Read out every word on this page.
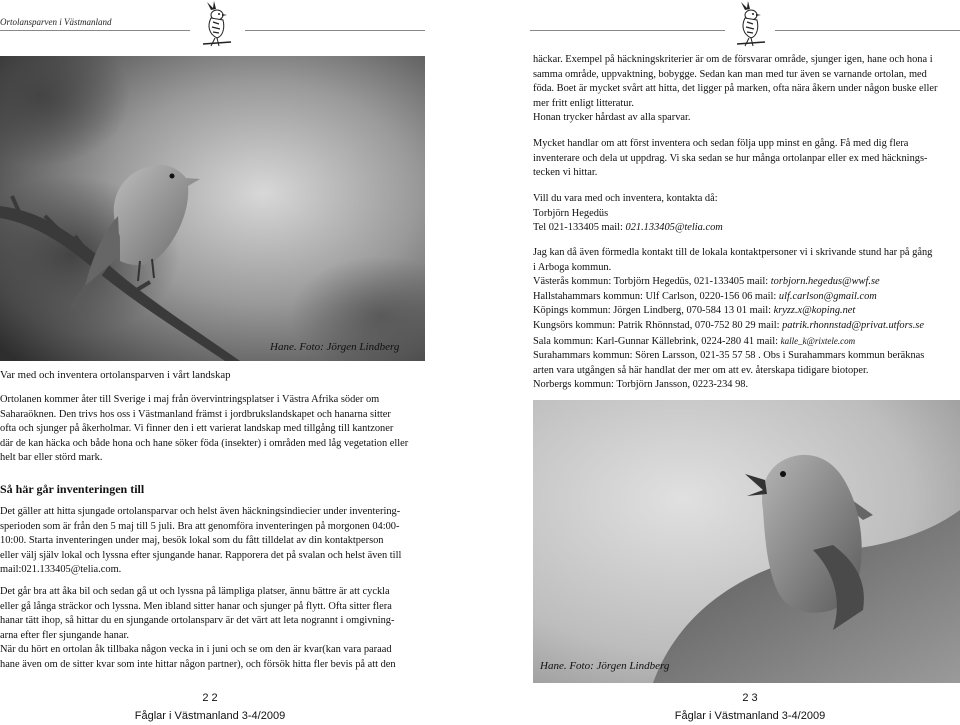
Ortolansparven i Västmanland
Hane. Foto: Jörgen Lindberg
Var med och inventera ortolansparven i vårt landskap
Ortolanen kommer åter till Sverige i maj från övervintringsplatser i Västra Afrika söder om
Saharaöknen. Den trivs hos oss i Västmanland främst i jordbrukslandskapet och hanarna sitter
ofta och sjunger på åkerholmar. Vi finner den i ett varierat landskap med tillgång till kantzoner
där de kan häcka och både hona och hane söker föda (insekter) i områden med låg vegetation eller
helt bar eller störd mark.
Så här går inventeringen till
Det gäller att hitta sjungade ortolansparvar och helst även häckningsindiecier under inventering-
sperioden som är från den 5 maj till 5 juli. Bra att genomföra inventeringen på morgonen 04:00-
10:00. Starta inventeringen under maj, besök lokal som du fått tilldelat av din kontaktperson
eller välj själv lokal och lyssna efter sjungande hanar. Rapporera det på svalan och helst även till
mail:021.133405@telia.com.
Det går bra att åka bil och sedan gå ut och lyssna på lämpliga platser, ännu bättre är att cyckla
eller gå långa sträckor och lyssna. Men ibland sitter hanar och sjunger på flytt. Ofta sitter flera
hanar tätt ihop, så hittar du en sjungande ortolansparv är det värt att leta nogrannt i omgivning-
arna efter fler sjungande hanar.
När du hört en ortolan åk tillbaka någon vecka in i juni och se om den är kvar(kan vara paraad
hane även om de sitter kvar som inte hittar någon partner), och försök hitta fler bevis på att den
2 2
Fåglar i Västmanland 3-4/2009
häckar. Exempel på häckningskriterier är om de försvarar område, sjunger igen, hane och hona i
samma område, uppvaktning, bobygge. Sedan kan man med tur även se varnande ortolan, med
föda. Boet är mycket svårt att hitta, det ligger på marken, ofta nära åkern under någon buske eller
mer fritt enligt litteratur.
Honan trycker hårdast av alla sparvar.
Mycket handlar om att först inventera och sedan följa upp minst en gång. Få med dig flera
inventerare och dela ut uppdrag. Vi ska sedan se hur många ortolanpar eller ex med häcknings-
tecken vi hittar.
Vill du vara med och inventera, kontakta då:
Torbjörn Hegedüs
Tel 021-133405 mail: 021.133405@telia.com
Jag kan då även förmedla kontakt till de lokala kontaktpersoner vi i skrivande stund har på gång
i Arboga kommun.
Västerås kommun: Torbjörn Hegedüs, 021-133405 mail: torbjorn.hegedus@wwf.se
Hallstahammars kommun: Ulf Carlson, 0220-156 06 mail: ulf.carlson@gmail.com
Köpings kommun: Jörgen Lindberg, 070-584 13 01 mail: kryzz.x@koping.net
Kungsörs kommun: Patrik Rhönnstad, 070-752 80 29 mail: patrik.rhonnstad@privat.utfors.se
Sala kommun: Karl-Gunnar Källebrink, 0224-280 41 mail: kalle_k@rixtele.com
Surahammars kommun: Sören Larsson, 021-35 57 58 . Obs i Surahammars kommun beräknas
arten vara utgången så här handlat der mer om att ev. återskapa tidigare biotoper.
Norbergs kommun: Torbjörn Jansson, 0223-234 98.
Hane. Foto: Jörgen Lindberg
2 3
Fåglar i Västmanland 3-4/2009
